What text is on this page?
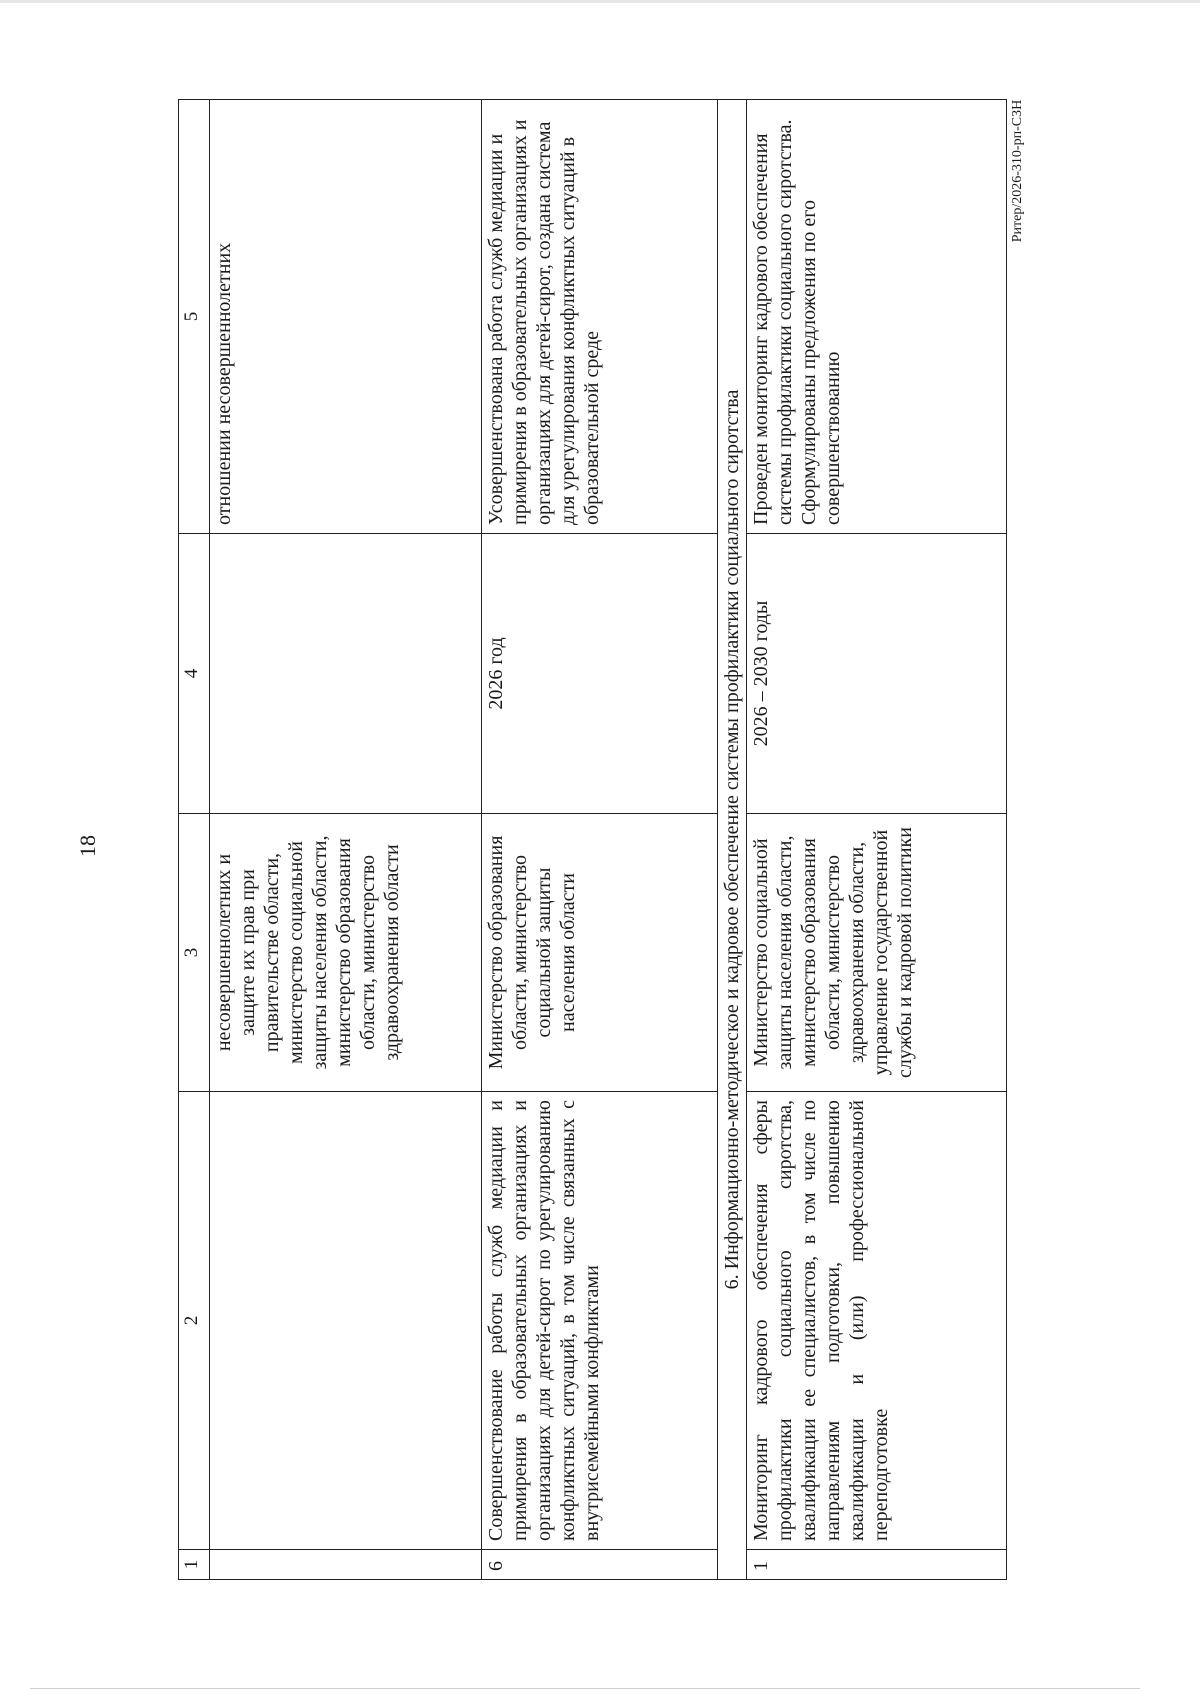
18
Ритер/2026-310-рп-СЗН
1	2	3	4	5
		несовершеннолетних и защите их прав при правительстве области, министерство социальной защиты населения области, министерство образования области, министерство здравоохранения области		отношении несовершеннолетних
6	Совершенствование работы служб медиации и примирения в образовательных организациях и организациях для детей-сирот по урегулированию конфликтных ситуаций, в том числе связанных с внутрисемейными конфликтами	Министерство образования области, министерство социальной защиты населения области	2026 год	Усовершенствована работа служб медиации и примирения в образовательных организациях и организациях для детей-сирот, создана система для урегулирования конфликтных ситуаций в образовательной среде
6. Информационно-методическое и кадровое обеспечение системы профилактики социального сиротства				
1	Мониторинг кадрового обеспечения сферы профилактики социального сиротства, квалификации ее специалистов, в том числе по направлениям подготовки, повышению квалификации и (или) профессиональной переподготовке	Министерство социальной защиты населения области, министерство образования области, министерство здравоохранения области, управление государственной службы и кадровой политики	2026 – 2030 годы	Проведен мониторинг кадрового обеспечения системы профилактики социального сиротства. Сформулированы предложения по его совершенствованию
